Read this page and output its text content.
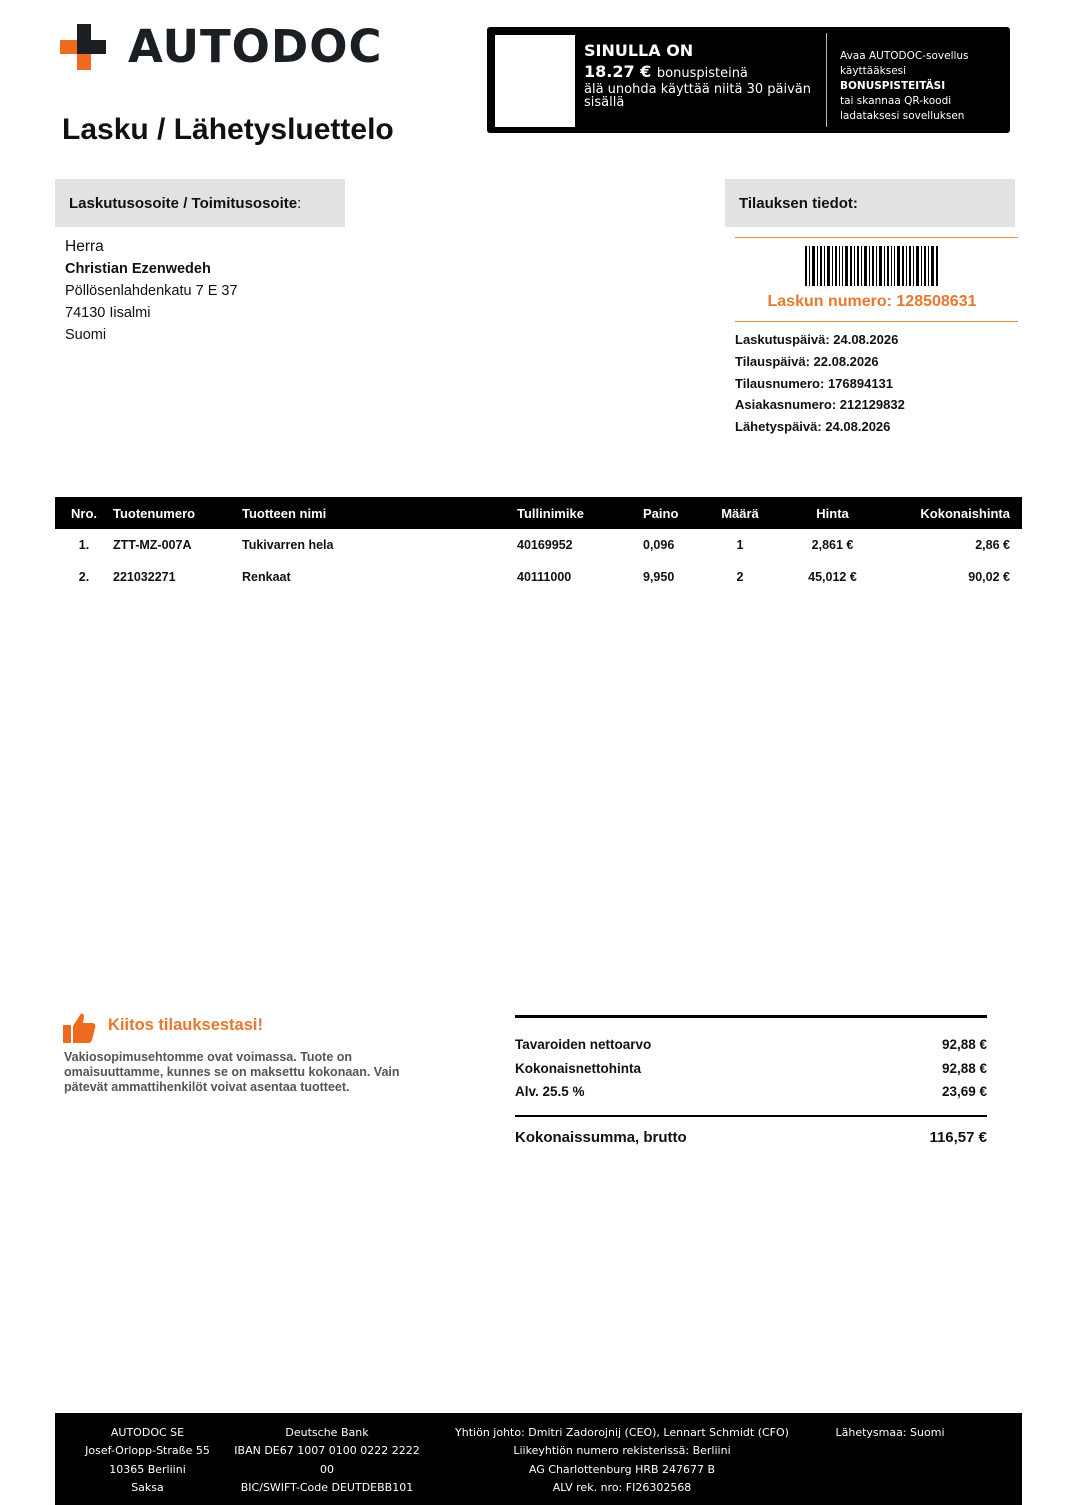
AUTODOC
Lasku / Lähetysluettelo
SINULLA ON
18.27 € bonuspisteinä
älä unohda käyttää niitä 30 päivän sisällä
Avaa AUTODOC-sovellus
käyttääksesi BONUSPISTEITÄSI
tai skannaa QR-koodi
ladataksesi sovelluksen
Laskutusosoite / Toimitusosoite:
Herra
Christian Ezenwedeh
Pöllösenlahdenkatu 7 E 37
74130 Iisalmi
Suomi
Tilauksen tiedot:
Laskun numero: 128508631
Laskutuspäivä: 24.08.2026
Tilauspäivä: 22.08.2026
Tilausnumero: 176894131
Asiakasnumero: 212129832
Lähetyspäivä: 24.08.2026
Nro.	Tuotenumero	Tuotteen nimi	Tullinimike	Paino	Määrä	Hinta	Kokonaishinta
1.	ZTT-MZ-007A	Tukivarren hela	40169952	0,096	1	2,861 €	2,86 €
2.	221032271	Renkaat	40111000	9,950	2	45,012 €	90,02 €
Kiitos tilauksestasi!
Vakiosopimusehtomme ovat voimassa. Tuote on omaisuuttamme, kunnes se on maksettu kokonaan. Vain pätevät ammattihenkilöt voivat asentaa tuotteet.
Tavaroiden nettoarvo	92,88 €
Kokonaisnettohinta	92,88 €
Alv. 25.5 %	23,69 €
Kokonaissumma, brutto	116,57 €
AUTODOC SE
Josef-Orlopp-Straße 55
10365 Berliini
Saksa
Deutsche Bank
IBAN DE67 1007 0100 0222 2222 00
BIC/SWIFT-Code DEUTDEBB101
Yhtiön johto: Dmitri Zadorojnij (CEO), Lennart Schmidt (CFO)
Liikeyhtiön numero rekisterissä: Berliini
AG Charlottenburg HRB 247677 B
ALV rek. nro: FI26302568
Lähetysmaa: Suomi
